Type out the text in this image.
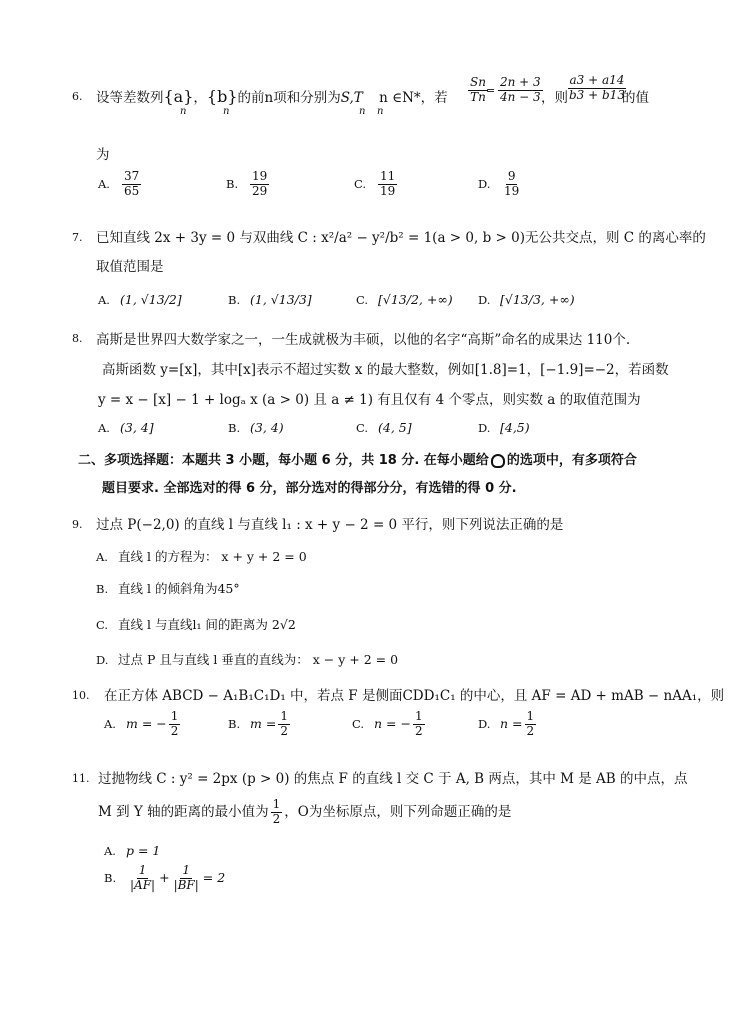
6. 设等差数列{a}，{b}的前n项和分别为S,T n ∈N*，若
n	n	n n
$\frac{Sn}{Tn}$
= $\frac{2n + 3}{4n - 3}$
，则 $\frac{a3 + a14}{b3 + b13}$
的值
为
A. $\frac{37}{65}$	B. $\frac{19}{29}$	C. $\frac{11}{19}$	D. $\frac{9}{19}$
7. 已知直线 2x + 3y = 0 与双曲线 C : x²/a² − y²/b² = 1(a > 0, b > 0)无公共交点，则 C 的离心率的
取值范围是
A. (1, √13/2]	B. (1, √13/3]	C. [√13/2, +∞) D. [√13/3, +∞)
8. 高斯是世界四大数学家之一，一生成就极为丰硕，以他的名字“高斯”命名的成果达 110个.
高斯函数 y=[x]，其中[x]表示不超过实数 x 的最大整数，例如[1.8]=1，[−1.9]=−2，若函数
y = x − [x] − 1 + logₐ x (a > 0) 且 a ≠ 1) 有且仅有 4 个零点，则实数 a 的取值范围为
A. (3, 4]	B. (3, 4)	C. (4, 5]	D. [4,5)
二、多项选择题：本题共 3 小题，每小题 6 分，共 18 分. 在每小题给 的选项中，有多项符合
题目要求. 全部选对的得 6 分，部分选对的得部分分，有选错的得 0 分.
9. 过点 P(−2,0) 的直线 l 与直线 l₁ : x + y − 2 = 0 平行，则下列说法正确的是
A. 直线 l 的方程为： x + y + 2 = 0
B. 直线 l 的倾斜角为45°
C. 直线 l 与直线l₁ 间的距离为 2√2
D. 过点 P 且与直线 l 垂直的直线为： x − y + 2 = 0
10. 在正方体 ABCD − A₁B₁C₁D₁ 中，若点 F 是侧面CDD₁C₁ 的中心，且 AF = AD + mAB − nAA₁，则
A. m = − $\frac{1}{2}$	B. $m = \frac{1}{2}$	C. n = − $\frac{1}{2}$	D. $n = \frac{1}{2}$
11. 过抛物线 C : y² = 2px (p > 0) 的焦点 F 的直线 l 交 C 于 A, B 两点，其中 M 是 AB 的中点，点
M 到 Y 轴的距离的最小值为 $\frac{1}{2}$ ，O为坐标原点，则下列命题正确的是
A. p = 1
B. $\frac{1}{|AF|} + \frac{1}{|BF|} = 2$
